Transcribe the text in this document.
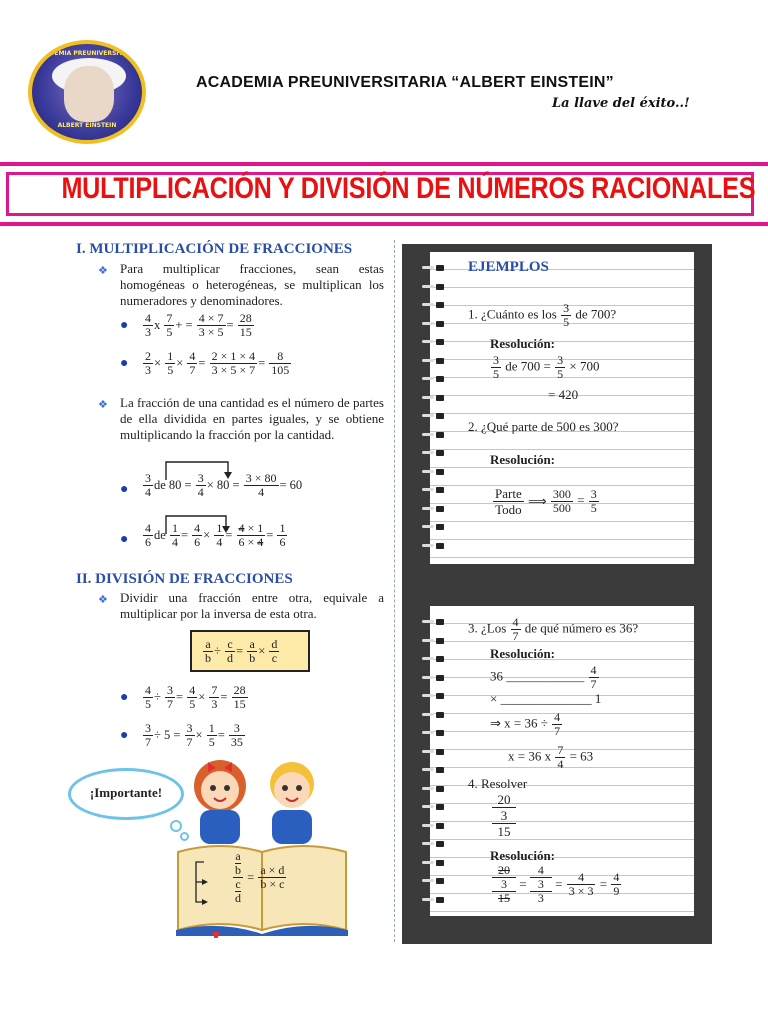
ACADEMIA PREUNIVERSITARIA
ALBERT EINSTEIN
ACADEMIA PREUNIVERSITARIA “ALBERT EINSTEIN”
La llave del éxito..!
MULTIPLICACIÓN Y DIVISIÓN DE NÚMEROS RACIONALES
I. MULTIPLICACIÓN DE FRACCIONES
❖ Para multiplicar fracciones, sean estas homogéneas o heterogéneas, se multiplican los numeradores y denominadores.
● $\frac{4}{3}$ x $\frac{7}{5}$ + = $\frac{4 \times 7}{3 \times 5} = \frac{28}{15}$
● $\frac{2}{3} \times \frac{1}{5} \times \frac{4}{7} = \frac{2 \times 1 \times 4}{3 \times 5 \times 7} = \frac{8}{105}$
❖ La fracción de una cantidad es el número de partes de ella dividida en partes iguales, y se obtiene multiplicando la fracción por la cantidad.
● $\frac{3}{4}$ de $80 = \frac{3}{4} \times 80 = \frac{3 \times 80}{4} = 60$
● $\frac{4}{6}$ de $\frac{1}{4} = \frac{4}{6} \times \frac{1}{4} = \frac{4 \times 1}{6 \times 4} = \frac{1}{6}$
II. DIVISIÓN DE FRACCIONES
❖ Dividir una fracción entre otra, equivale a multiplicar por la inversa de esta otra.
$\frac{a}{b} \div \frac{c}{d} = \frac{a}{b} \times \frac{d}{c}$
● $\frac{4}{5} \div \frac{3}{7} = \frac{4}{5} \times \frac{7}{3} = \frac{28}{15}$
● $\frac{3}{7} \div 5 = \frac{3}{7} \times \frac{1}{5} = \frac{3}{35}$
¡Importante!
a
b
c
d
= $\frac{a \times d}{b \times c}$
EJEMPLOS
1. ¿Cuánto es los $\frac{3}{5}$ de 700?
Resolución:
$\frac{3}{5}$ de $700 = \frac{3}{5} \times 700$
= 420
2. ¿Qué parte de 500 es 300?
Resolución:
Parte
Todo
⟹ $\frac{300}{500} = \frac{3}{5}$
3. ¿Los $\frac{4}{7}$ de qué número es 36?
Resolución:
36 ____________ $\frac{4}{7}$
× ______________ 1
⇒ $x = 36 \div \frac{4}{7}$
x = 36 x $\frac{7}{4} = 63$
4. Resolver
20
3
15
Resolución:
20
3
15
=
4
3
3
= $\frac{4}{3 \times 3} = \frac{4}{9}$
